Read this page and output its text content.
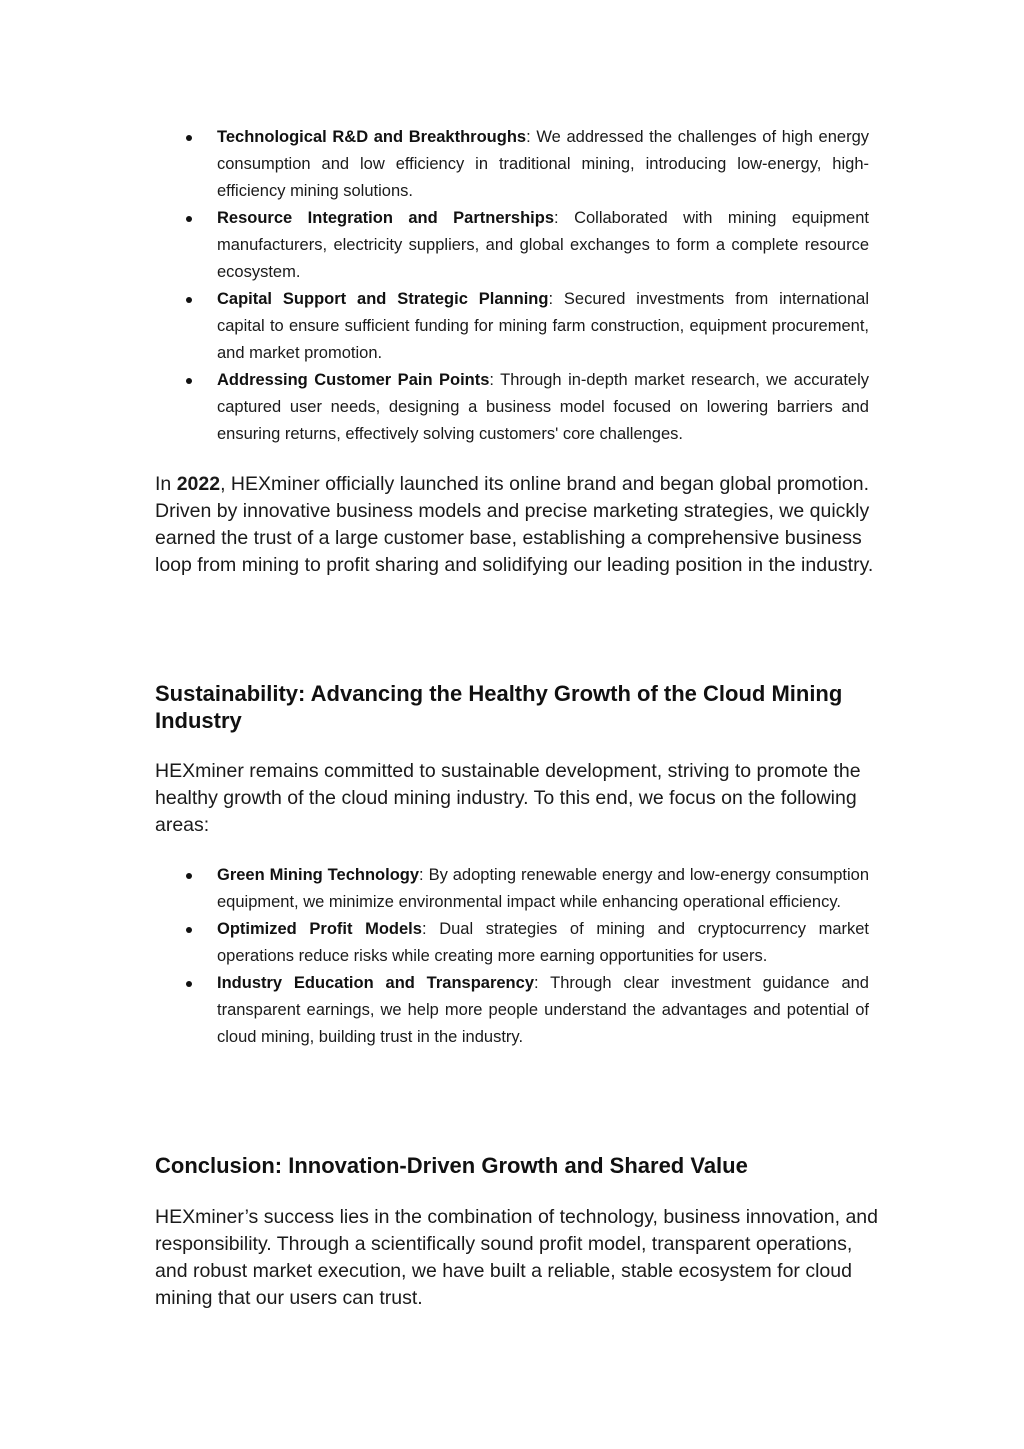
Technological R&D and Breakthroughs: We addressed the challenges of high energy consumption and low efficiency in traditional mining, introducing low-energy, high-efficiency mining solutions.
Resource Integration and Partnerships: Collaborated with mining equipment manufacturers, electricity suppliers, and global exchanges to form a complete resource ecosystem.
Capital Support and Strategic Planning: Secured investments from international capital to ensure sufficient funding for mining farm construction, equipment procurement, and market promotion.
Addressing Customer Pain Points: Through in-depth market research, we accurately captured user needs, designing a business model focused on lowering barriers and ensuring returns, effectively solving customers' core challenges.

In 2022, HEXminer officially launched its online brand and began global promotion. Driven by innovative business models and precise marketing strategies, we quickly earned the trust of a large customer base, establishing a comprehensive business loop from mining to profit sharing and solidifying our leading position in the industry.

Sustainability: Advancing the Healthy Growth of the Cloud Mining Industry

HEXminer remains committed to sustainable development, striving to promote the healthy growth of the cloud mining industry. To this end, we focus on the following areas:

Green Mining Technology: By adopting renewable energy and low-energy consumption equipment, we minimize environmental impact while enhancing operational efficiency.
Optimized Profit Models: Dual strategies of mining and cryptocurrency market operations reduce risks while creating more earning opportunities for users.
Industry Education and Transparency: Through clear investment guidance and transparent earnings, we help more people understand the advantages and potential of cloud mining, building trust in the industry.
Conclusion: Innovation-Driven Growth and Shared Value

HEXminer’s success lies in the combination of technology, business innovation, and responsibility. Through a scientifically sound profit model, transparent operations, and robust market execution, we have built a reliable, stable ecosystem for cloud mining that our users can trust.
